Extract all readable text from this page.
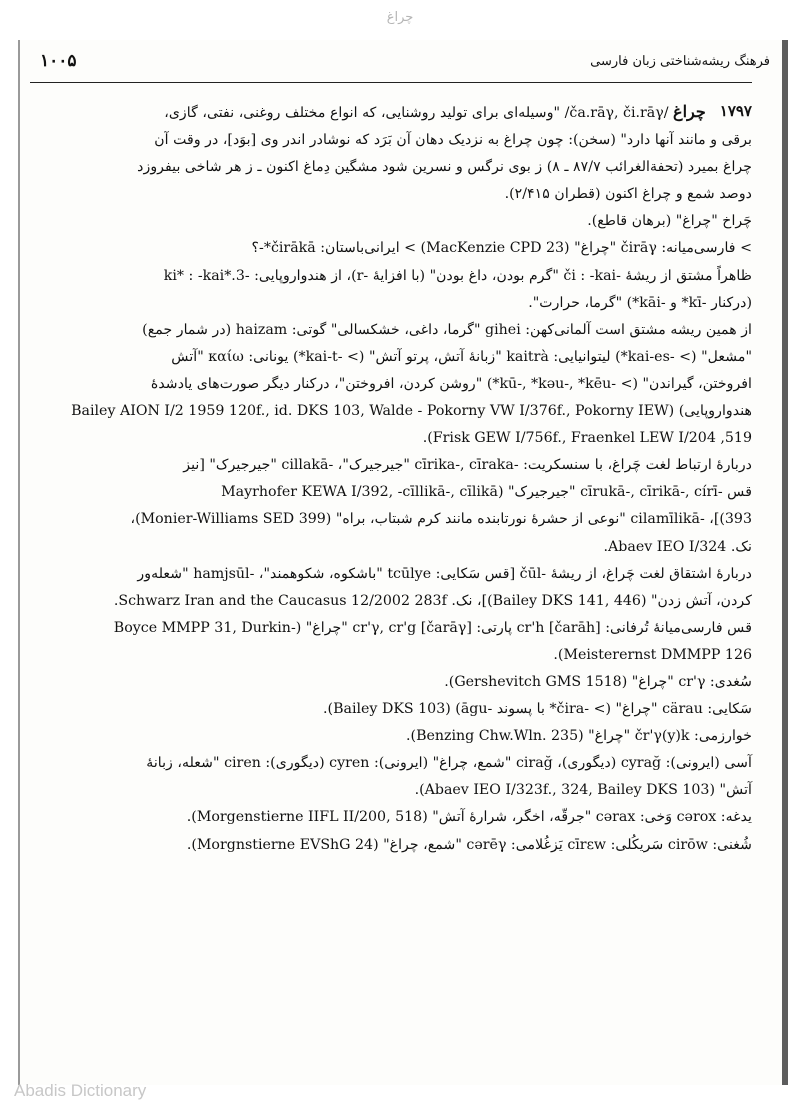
چراغ
۱۰۰۵	فرهنگ ریشه‌شناختی زبان فارسی
۱۷۹۷
چراغ /ča.rāγ, či.rāγ/ "وسیله‌ای برای تولید روشنایی، که انواع مختلف روغنی، نفتی، گازی،
برقی و مانند آنها دارد" (سخن): چون چراغ به نزدیک دهان آن بَرَد که نوشادر اندر وی [بوَد]، در وقت آن
چراغ بمیرد (تحفة‌الغرائب ۸۷/۷ ـ ۸) ز بوی نرگس و نسرین شود مشگین دِماغ اکنون ـ ز هر شاخی بیفروزد
دوصد شمع و چراغ اکنون (قطران ۲/۴۱۵).
چَراخ "چراغ" (برهان قاطع).
> فارسی‌میانه: čirāγ "چراغ" (MacKenzie CPD 23) > ایرانی‌باستان: ‎*čirākā-؟
ظاهراً مشتق از ریشهٔ -či : -kai "گرم بودن، داغ بودن" (با افزایهٔ -r)، از هندواروپایی: -ki* : -kai*.3
(درکنار -kī* و -kāi*) "گرما، حرارت".
از همین ریشه مشتق است آلمانی‌کهن: gihei "گرما، داغی، خشکسالی" گوتی: haizam (در شمار جمع)
"مشعل" (> -kai-es*) لیتوانیایی: kaitrà "زبانهٔ آتش، پرتو آتش" (> -kai-t*) یونانی: καίω "آتش
افروختن، گیراندن" (> -kū-, *kəu-, *kēu*) "روشن کردن، افروختن"، درکنار دیگر صورت‌های یادشدهٔ
هندواروپایی) (Bailey AION I/2 1959 120f., id. DKS 103, Walde - Pokorny VW I/376f., Pokorny IEW
519, Frisk GEW I/756f., Fraenkel LEW I/204).
دربارهٔ ارتباط لغت چَراغ، با سنسکریت: -cīrika-, cīraka "جیرجیرک"، -cillakā "جیرجیرک" [نیز
قس -cīrukā-, cīrikā-, círī "جیرجیرک" (Mayrhofer KEWA I/392, -cīllikā-, cīlikā
393)]، -cilamīlikā "نوعی از حشرهٔ نورتابنده مانند کرم شبتاب، براه" (Monier-Williams SED 399)،
نک. Abaev IEO I/324.
دربارهٔ اشتقاق لغت چَراغ، از ریشهٔ -čūl [قس سَکایی: tcūlye "باشکوه، شکوهمند"، -hamjsūl "شعله‌ور
کردن، آتش زدن" (Bailey DKS 141, 446)]، نک. Schwarz Iran and the Caucasus 12/2002 283f.
قس فارسی‌میانهٔ تُرفانی: cr'h [čarāh] پارتی: cr'γ, cr'g [čarāγ] "چراغ" (-Boyce MMPP 31, Durkin
Meisterernst DMMPP 126).
سُغدی: cr'γ "چراغ" (Gershevitch GMS 1518).
سَکایی: cärau "چراغ" (> -čira* با پسوند -āgu) (Bailey DKS 103).
خوارزمی: čr'γ(y)k "چراغ" (Benzing Chw.Wln. 235).
آسی (ایرونی): cyrağ (دیگوری)، cirağ "شمع، چراغ" (ایرونی): cyren (دیگوری): ciren "شعله، زبانهٔ
آتش" (Abaev IEO I/323f., 324, Bailey DKS 103).
یدغه: cərox وَخی: cərax "جرقّه، اخگر، شرارهٔ آتش" (Morgenstierne IIFL II/200, 518).
شُغنی: cirōw سَریکُلی: cīrεw یَزغُلامی: cərēγ "شمع، چراغ" (Morgnstierne EVShG 24).
Abadis Dictionary
